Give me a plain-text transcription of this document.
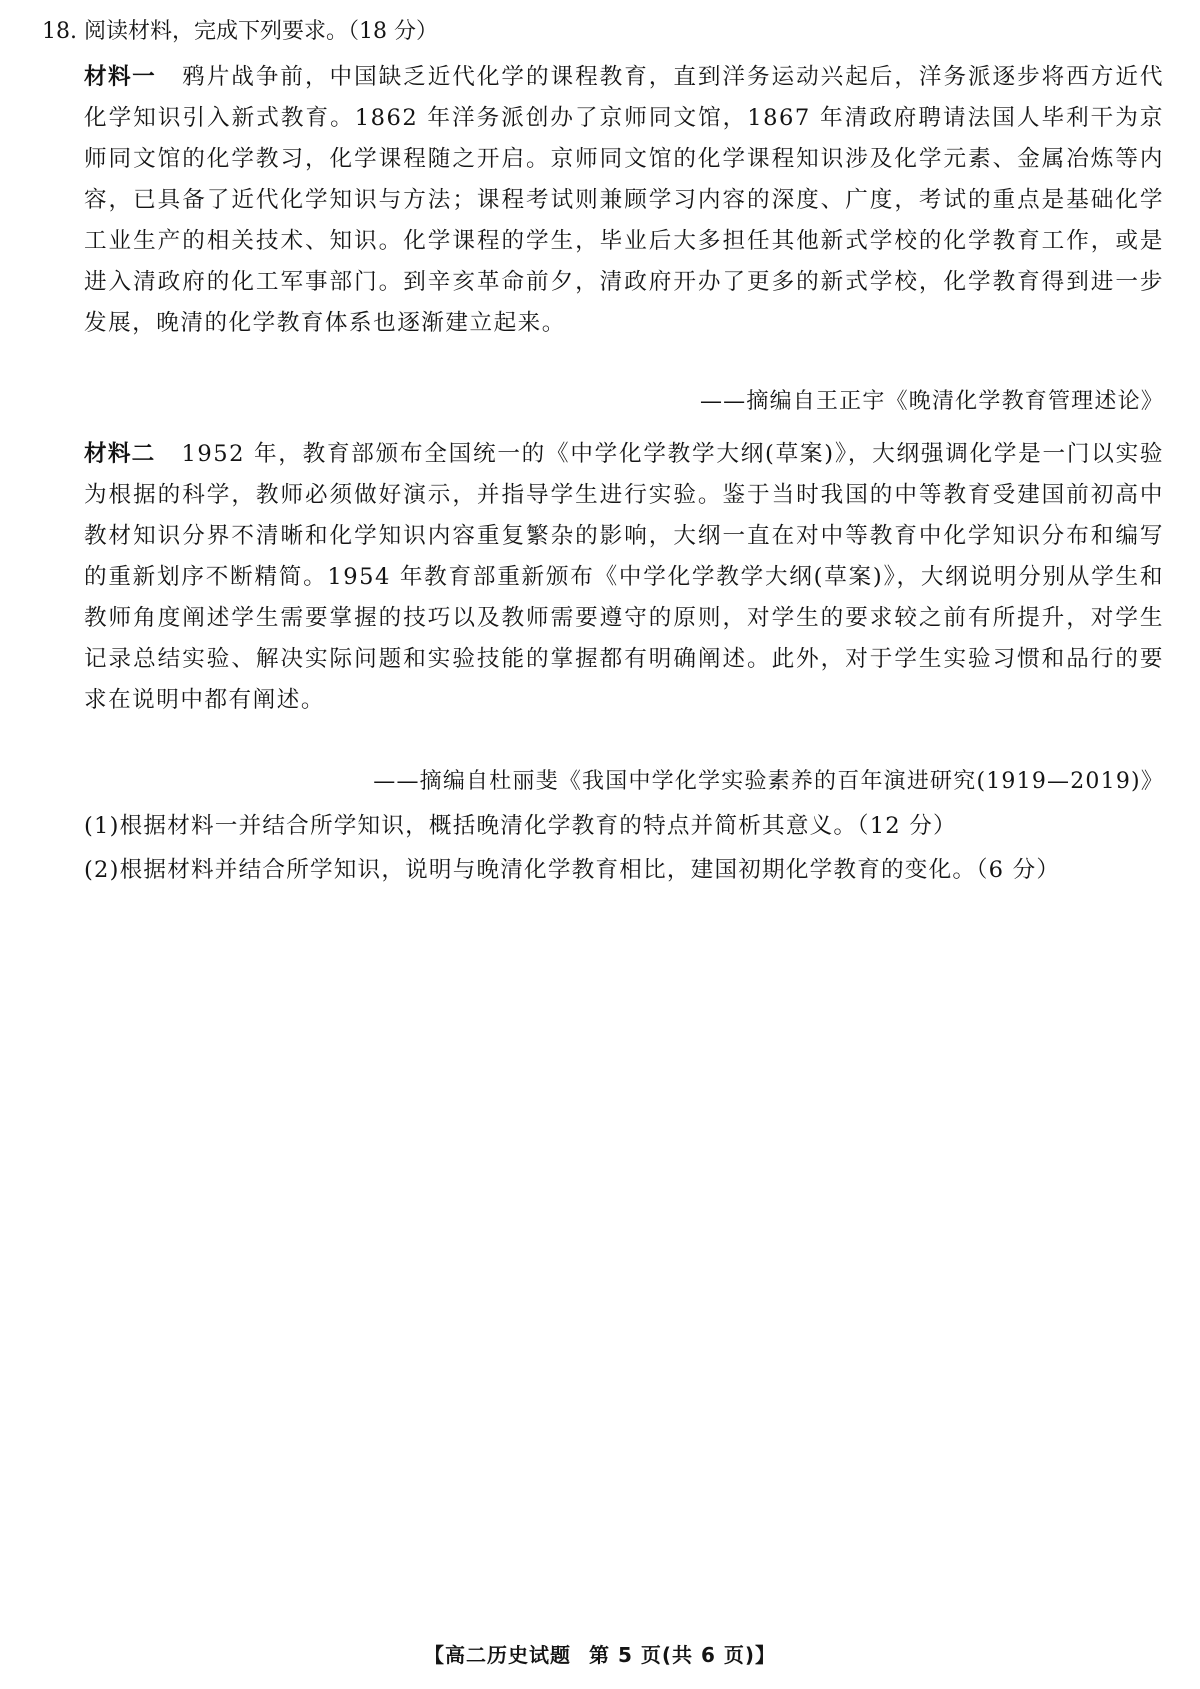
18. 阅读材料，完成下列要求。（18 分）
材料一 鸦片战争前，中国缺乏近代化学的课程教育，直到洋务运动兴起后，洋务派逐步将西方近代化学知识引入新式教育。1862 年洋务派创办了京师同文馆，1867 年清政府聘请法国人毕利干为京师同文馆的化学教习，化学课程随之开启。京师同文馆的化学课程知识涉及化学元素、金属冶炼等内容，已具备了近代化学知识与方法；课程考试则兼顾学习内容的深度、广度，考试的重点是基础化学工业生产的相关技术、知识。化学课程的学生，毕业后大多担任其他新式学校的化学教育工作，或是进入清政府的化工军事部门。到辛亥革命前夕，清政府开办了更多的新式学校，化学教育得到进一步发展，晚清的化学教育体系也逐渐建立起来。
——摘编自王正宇《晚清化学教育管理述论》
材料二 1952 年，教育部颁布全国统一的《中学化学教学大纲(草案)》，大纲强调化学是一门以实验为根据的科学，教师必须做好演示，并指导学生进行实验。鉴于当时我国的中等教育受建国前初高中教材知识分界不清晰和化学知识内容重复繁杂的影响，大纲一直在对中等教育中化学知识分布和编写的重新划序不断精简。1954 年教育部重新颁布《中学化学教学大纲(草案)》，大纲说明分别从学生和教师角度阐述学生需要掌握的技巧以及教师需要遵守的原则，对学生的要求较之前有所提升，对学生记录总结实验、解决实际问题和实验技能的掌握都有明确阐述。此外，对于学生实验习惯和品行的要求在说明中都有阐述。
——摘编自杜丽斐《我国中学化学实验素养的百年演进研究(1919—2019)》
(1)根据材料一并结合所学知识，概括晚清化学教育的特点并简析其意义。（12 分）
(2)根据材料并结合所学知识，说明与晚清化学教育相比，建国初期化学教育的变化。（6 分）
【高二历史试题 第 5 页(共 6 页)】
